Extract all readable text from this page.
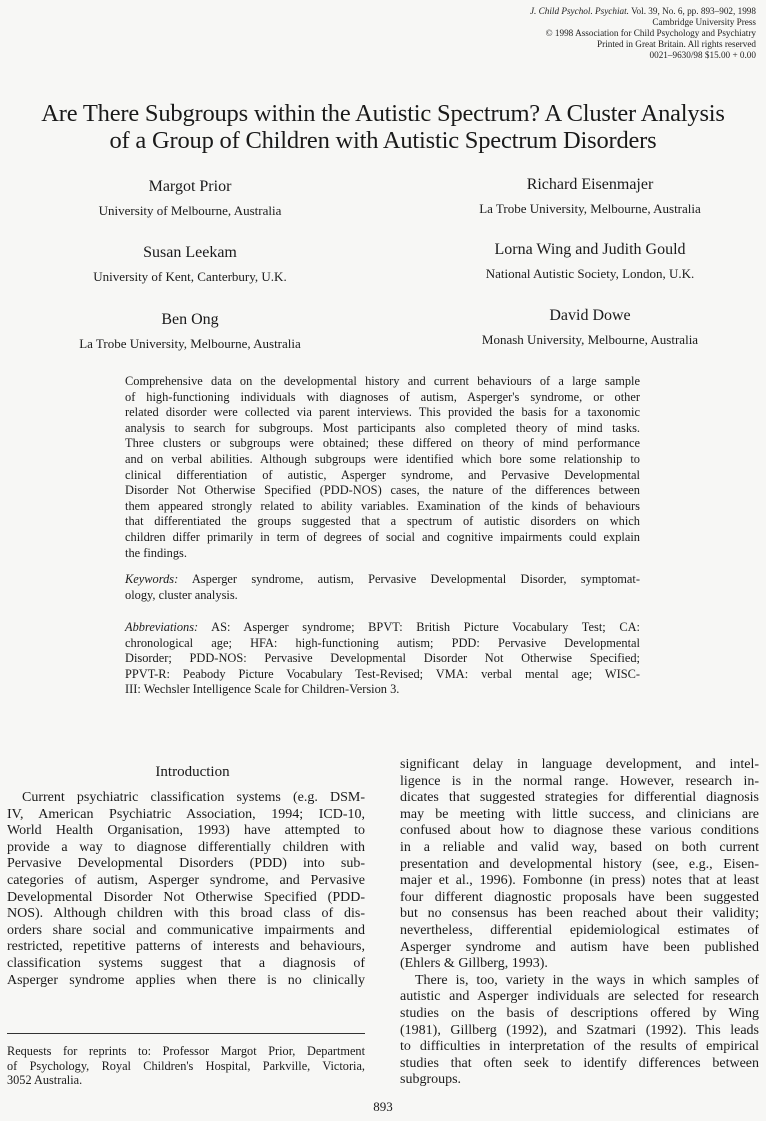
J. Child Psychol. Psychiat. Vol. 39, No. 6, pp. 893–902, 1998
Cambridge University Press
© 1998 Association for Child Psychology and Psychiatry
Printed in Great Britain. All rights reserved
0021–9630/98 $15.00 + 0.00
Are There Subgroups within the Autistic Spectrum? A Cluster Analysis
of a Group of Children with Autistic Spectrum Disorders
Margot Prior
University of Melbourne, Australia
Richard Eisenmajer
La Trobe University, Melbourne, Australia
Susan Leekam
University of Kent, Canterbury, U.K.
Lorna Wing and Judith Gould
National Autistic Society, London, U.K.
Ben Ong
La Trobe University, Melbourne, Australia
David Dowe
Monash University, Melbourne, Australia
Comprehensive data on the developmental history and current behaviours of a large sample
of high-functioning individuals with diagnoses of autism, Asperger's syndrome, or other
related disorder were collected via parent interviews. This provided the basis for a taxonomic
analysis to search for subgroups. Most participants also completed theory of mind tasks.
Three clusters or subgroups were obtained; these differed on theory of mind performance
and on verbal abilities. Although subgroups were identified which bore some relationship to
clinical differentiation of autistic, Asperger syndrome, and Pervasive Developmental
Disorder Not Otherwise Specified (PDD-NOS) cases, the nature of the differences between
them appeared strongly related to ability variables. Examination of the kinds of behaviours
that differentiated the groups suggested that a spectrum of autistic disorders on which
children differ primarily in term of degrees of social and cognitive impairments could explain
the findings.
Keywords: Asperger syndrome, autism, Pervasive Developmental Disorder, symptomat-
ology, cluster analysis.
Abbreviations: AS: Asperger syndrome; BPVT: British Picture Vocabulary Test; CA:
chronological age; HFA: high-functioning autism; PDD: Pervasive Developmental
Disorder; PDD-NOS: Pervasive Developmental Disorder Not Otherwise Specified;
PPVT-R: Peabody Picture Vocabulary Test-Revised; VMA: verbal mental age; WISC-
III: Wechsler Intelligence Scale for Children-Version 3.
Introduction
Current psychiatric classification systems (e.g. DSM-
IV, American Psychiatric Association, 1994; ICD-10,
World Health Organisation, 1993) have attempted to
provide a way to diagnose differentially children with
Pervasive Developmental Disorders (PDD) into sub-
categories of autism, Asperger syndrome, and Pervasive
Developmental Disorder Not Otherwise Specified (PDD-
NOS). Although children with this broad class of dis-
orders share social and communicative impairments and
restricted, repetitive patterns of interests and behaviours,
classification systems suggest that a diagnosis of
Asperger syndrome applies when there is no clinically
significant delay in language development, and intel-
ligence is in the normal range. However, research in-
dicates that suggested strategies for differential diagnosis
may be meeting with little success, and clinicians are
confused about how to diagnose these various conditions
in a reliable and valid way, based on both current
presentation and developmental history (see, e.g., Eisen-
majer et al., 1996). Fombonne (in press) notes that at least
four different diagnostic proposals have been suggested
but no consensus has been reached about their validity;
nevertheless, differential epidemiological estimates of
Asperger syndrome and autism have been published
(Ehlers & Gillberg, 1993).
There is, too, variety in the ways in which samples of
autistic and Asperger individuals are selected for research
studies on the basis of descriptions offered by Wing
(1981), Gillberg (1992), and Szatmari (1992). This leads
to difficulties in interpretation of the results of empirical
studies that often seek to identify differences between
subgroups.
Requests for reprints to: Professor Margot Prior, Department
of Psychology, Royal Children's Hospital, Parkville, Victoria,
3052 Australia.
893
